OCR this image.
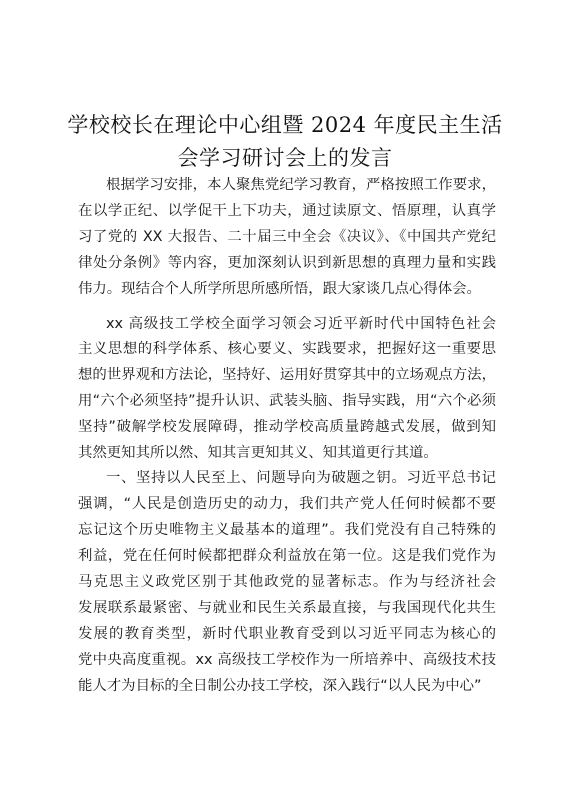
学校校长在理论中心组暨 2024 年度民主生活
会学习研讨会上的发言
根据学习安排，本人聚焦党纪学习教育，严格按照工作要求，
在以学正纪、以学促干上下功夫，通过读原文、悟原理，认真学
习了党的 XX 大报告、二十届三中全会《决议》、《中国共产党纪
律处分条例》等内容，更加深刻认识到新思想的真理力量和实践
伟力。现结合个人所学所思所感所悟，跟大家谈几点心得体会。
xx 高级技工学校全面学习领会习近平新时代中国特色社会
主义思想的科学体系、核心要义、实践要求，把握好这一重要思
想的世界观和方法论，坚持好、运用好贯穿其中的立场观点方法，
用“六个必须坚持”提升认识、武装头脑、指导实践，用“六个必须
坚持”破解学校发展障碍，推动学校高质量跨越式发展，做到知
其然更知其所以然、知其言更知其义、知其道更行其道。
一、坚持以人民至上、问题导向为破题之钥。习近平总书记
强调，“人民是创造历史的动力，我们共产党人任何时候都不要
忘记这个历史唯物主义最基本的道理”。我们党没有自己特殊的
利益，党在任何时候都把群众利益放在第一位。这是我们党作为
马克思主义政党区别于其他政党的显著标志。作为与经济社会
发展联系最紧密、与就业和民生关系最直接，与我国现代化共生
发展的教育类型，新时代职业教育受到以习近平同志为核心的
党中央高度重视。xx 高级技工学校作为一所培养中、高级技术技
能人才为目标的全日制公办技工学校，深入践行“以人民为中心”
